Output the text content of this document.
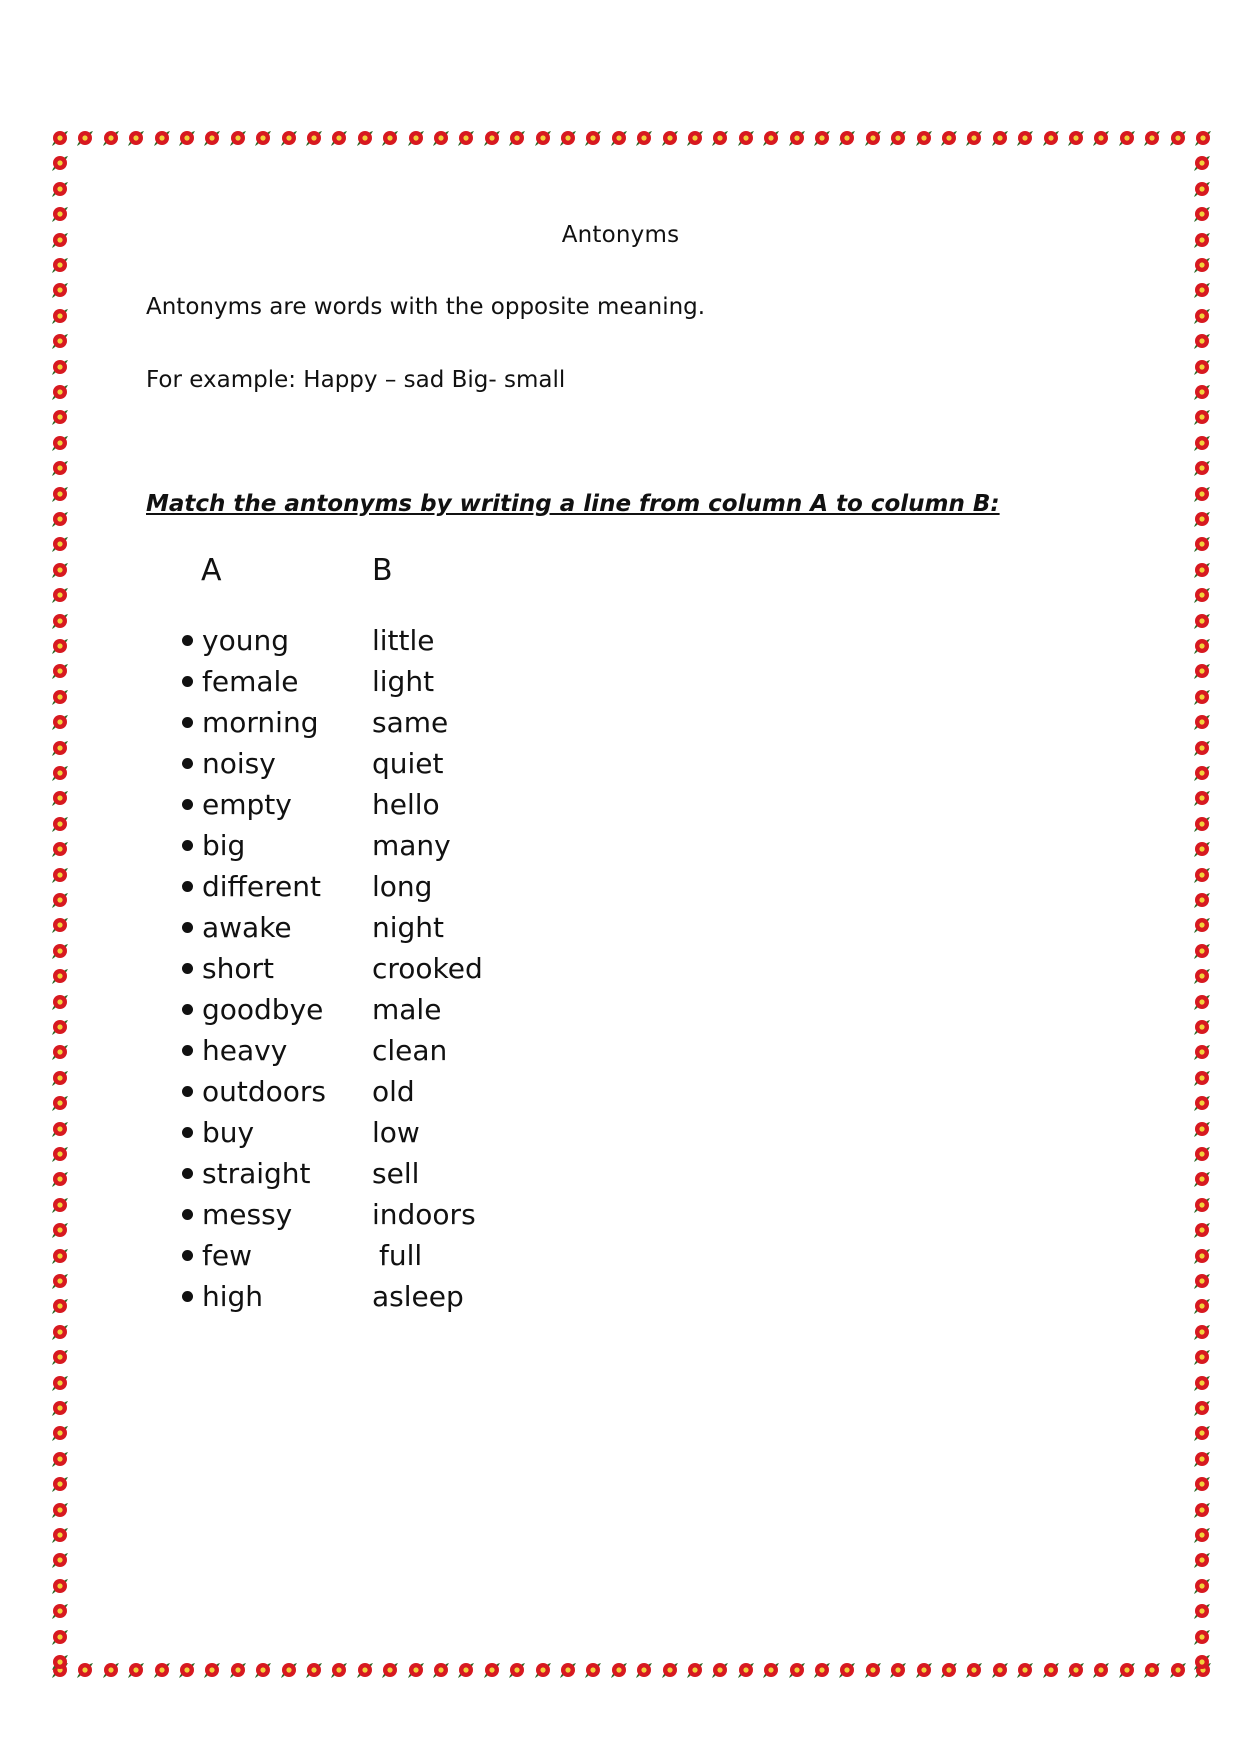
Antonyms
Antonyms are words with the opposite meaning.
For example: Happy – sad Big- small
Match the antonyms by writing a line from column A to column B:
A	B
young	little
female	light
morning same
noisy	quiet
empty	hello
big	many
different long
awake	night
short	crooked
goodbye male
heavy	clean
outdoors old
buy	low
straight sell
messy	indoors
few	full
high	asleep
